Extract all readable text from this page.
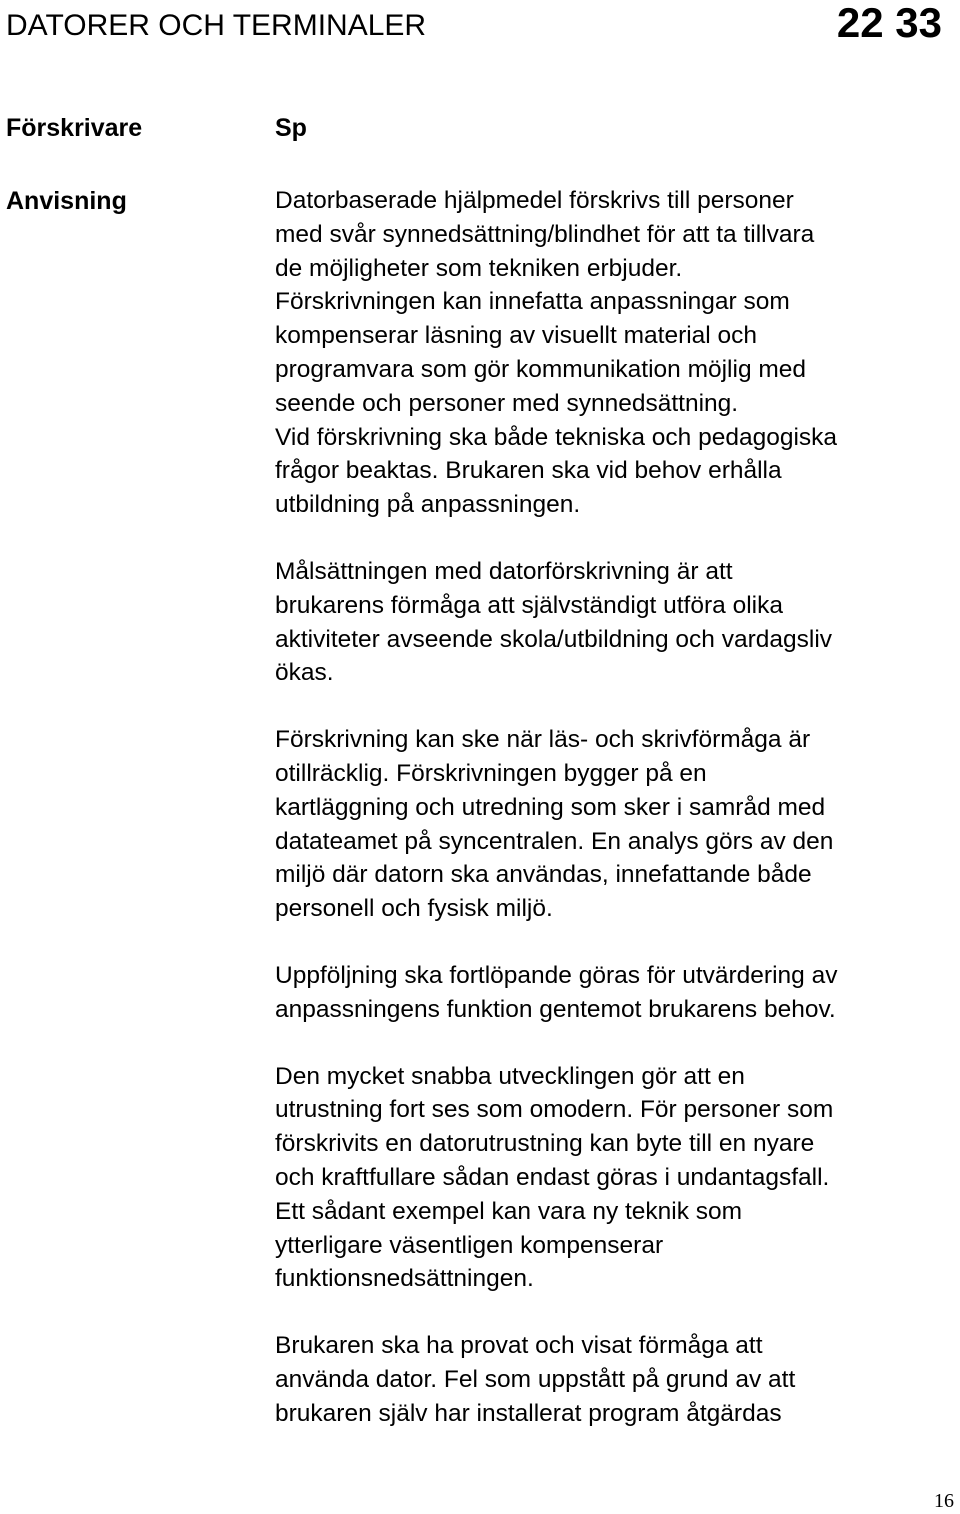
DATORER OCH TERMINALER	22 33
Förskrivare	Sp
Anvisning	Datorbaserade hjälpmedel förskrivs till personer
med svår synnedsättning/blindhet för att ta tillvara
de möjligheter som tekniken erbjuder.
Förskrivningen kan innefatta anpassningar som
kompenserar läsning av visuellt material och
programvara som gör kommunikation möjlig med
seende och personer med synnedsättning.
Vid förskrivning ska både tekniska och pedagogiska
frågor beaktas. Brukaren ska vid behov erhålla
utbildning på anpassningen.

Målsättningen med datorförskrivning är att
brukarens förmåga att självständigt utföra olika
aktiviteter avseende skola/utbildning och vardagsliv
ökas.

Förskrivning kan ske när läs- och skrivförmåga är
otillräcklig. Förskrivningen bygger på en
kartläggning och utredning som sker i samråd med
datateamet på syncentralen. En analys görs av den
miljö där datorn ska användas, innefattande både
personell och fysisk miljö.

Uppföljning ska fortlöpande göras för utvärdering av
anpassningens funktion gentemot brukarens behov.

Den mycket snabba utvecklingen gör att en
utrustning fort ses som omodern. För personer som
förskrivits en datorutrustning kan byte till en nyare
och kraftfullare sådan endast göras i undantagsfall.
Ett sådant exempel kan vara ny teknik som
ytterligare väsentligen kompenserar
funktionsnedsättningen.

Brukaren ska ha provat och visat förmåga att
använda dator. Fel som uppstått på grund av att
brukaren själv har installerat program åtgärdas

16
